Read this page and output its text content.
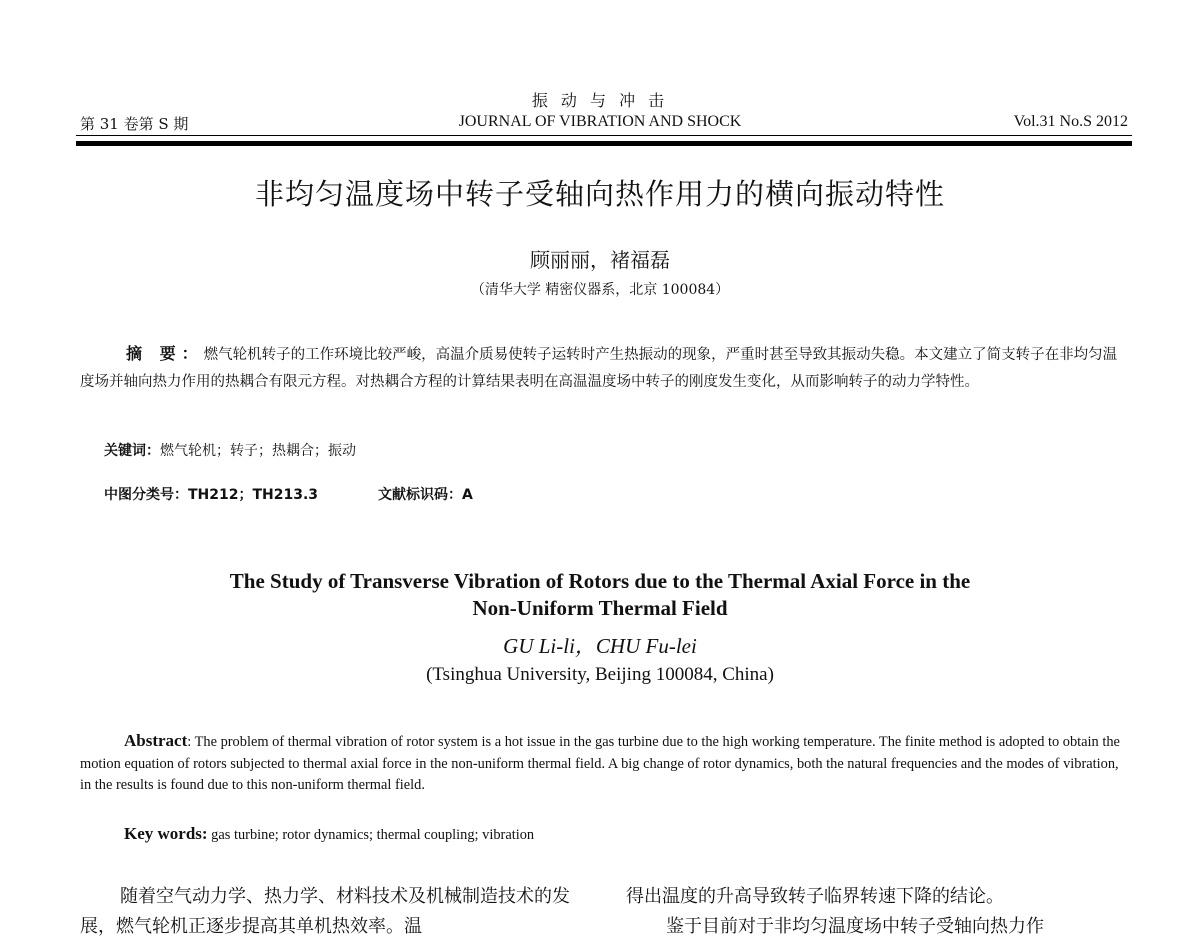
振 动 与 冲 击
第 31 卷第 S 期	JOURNAL OF VIBRATION AND SHOCK	Vol.31 No.S 2012
非均匀温度场中转子受轴向热作用力的横向振动特性
顾丽丽，褚福磊
（清华大学 精密仪器系，北京 100084）
摘 要：燃气轮机转子的工作环境比较严峻，高温介质易使转子运转时产生热振动的现象，严重时甚至导致其振动失稳。本文建立了简支转子在非均匀温度场并轴向热力作用的热耦合有限元方程。对热耦合方程的计算结果表明在高温温度场中转子的刚度发生变化，从而影响转子的动力学特性。
关键词：燃气轮机；转子；热耦合；振动
中图分类号：TH212；TH213.3	文献标识码：A
The Study of Transverse Vibration of Rotors due to the Thermal Axial Force in the
Non-Uniform Thermal Field
GU Li-li，CHU Fu-lei
(Tsinghua University, Beijing 100084, China)
Abstract: The problem of thermal vibration of rotor system is a hot issue in the gas turbine due to the high working temperature. The finite method is adopted to obtain the motion equation of rotors subjected to thermal axial force in the non-uniform thermal field. A big change of rotor dynamics, both the natural frequencies and the modes of vibration, in the results is found due to this non-uniform thermal field.
Key words: gas turbine; rotor dynamics; thermal coupling; vibration
随着空气动力学、热力学、材料技术及机械制造技术的发展，燃气轮机正逐步提高其单机热效率。温
得出温度的升高导致转子临界转速下降的结论。
鉴于目前对于非均匀温度场中转子受轴向热力作
